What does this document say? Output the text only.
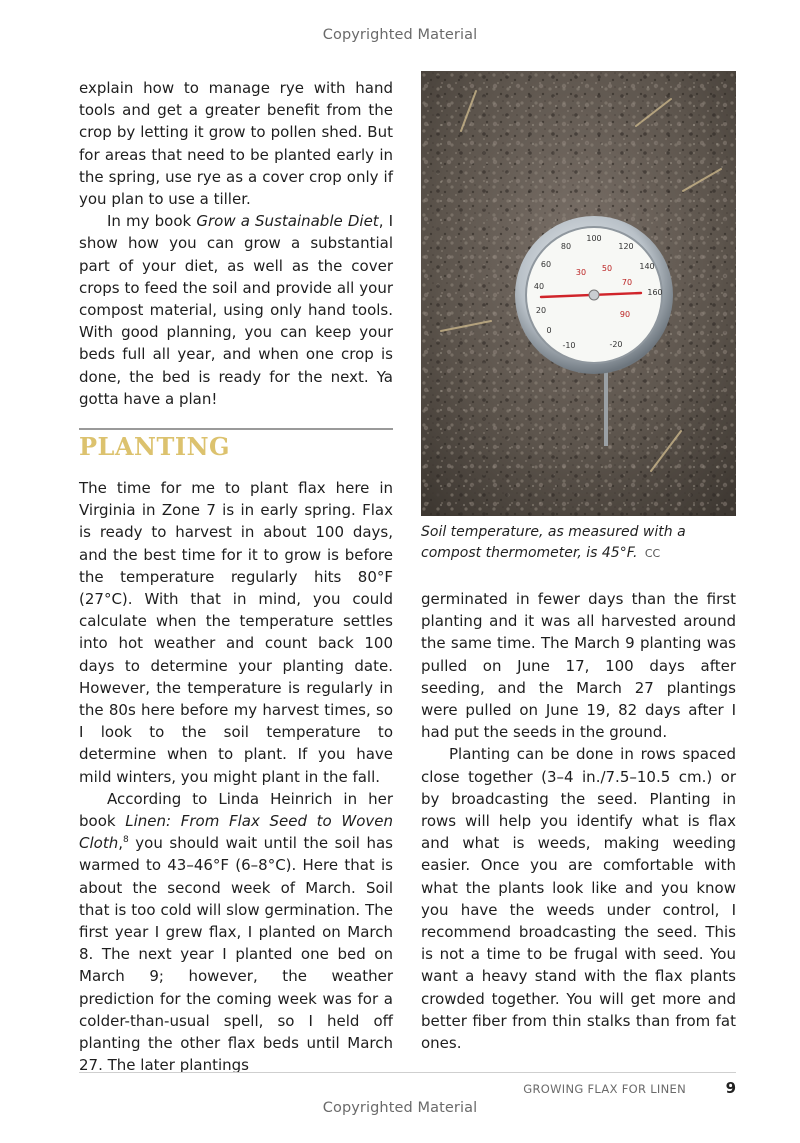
Copyrighted Material

explain how to manage rye with hand tools and get a greater benefit from the crop by letting it grow to pollen shed. But for areas that need to be planted early in the spring, use rye as a cover crop only if you plan to use a tiller.

In my book Grow a Sustainable Diet, I show how you can grow a substantial part of your diet, as well as the cover crops to feed the soil and provide all your compost material, using only hand tools. With good planning, you can keep your beds full all year, and when one crop is done, the bed is ready for the next. Ya gotta have a plan!

PLANTING

The time for me to plant flax here in Virginia in Zone 7 is in early spring. Flax is ready to harvest in about 100 days, and the best time for it to grow is before the temperature regularly hits 80°F (27°C). With that in mind, you could calculate when the temperature settles into hot weather and count back 100 days to determine your planting date. However, the temperature is regularly in the 80s here before my harvest times, so I look to the soil temperature to determine when to plant. If you have mild winters, you might plant in the fall.

According to Linda Heinrich in her book Linen: From Flax Seed to Woven Cloth,$^8$ you should wait until the soil has warmed to 43–46°F (6–8°C). Here that is about the second week of March. Soil that is too cold will slow germination. The first year I grew flax, I planted on March 8. The next year I planted one bed on March 9; however, the weather prediction for the coming week was for a colder-than-usual spell, so I held off planting the other flax beds until March 27. The later plantings

100
120
140
160
80
60
40
20
0
-10	-20
30 50
70
90
Soil temperature, as measured with a compost thermometer, is 45°F. CC

germinated in fewer days than the first planting and it was all harvested around the same time. The March 9 planting was pulled on June 17, 100 days after seeding, and the March 27 plantings were pulled on June 19, 82 days after I had put the seeds in the ground.

Planting can be done in rows spaced close together (3–4 in./7.5–10.5 cm.) or by broadcasting the seed. Planting in rows will help you identify what is flax and what is weeds, making weeding easier. Once you are comfortable with what the plants look like and you know you have the weeds under control, I recommend broadcasting the seed. This is not a time to be frugal with seed. You want a heavy stand with the flax plants crowded together. You will get more and better fiber from thin stalks than from fat ones.

GROWING FLAX FOR LINEN	9
Copyrighted Material
